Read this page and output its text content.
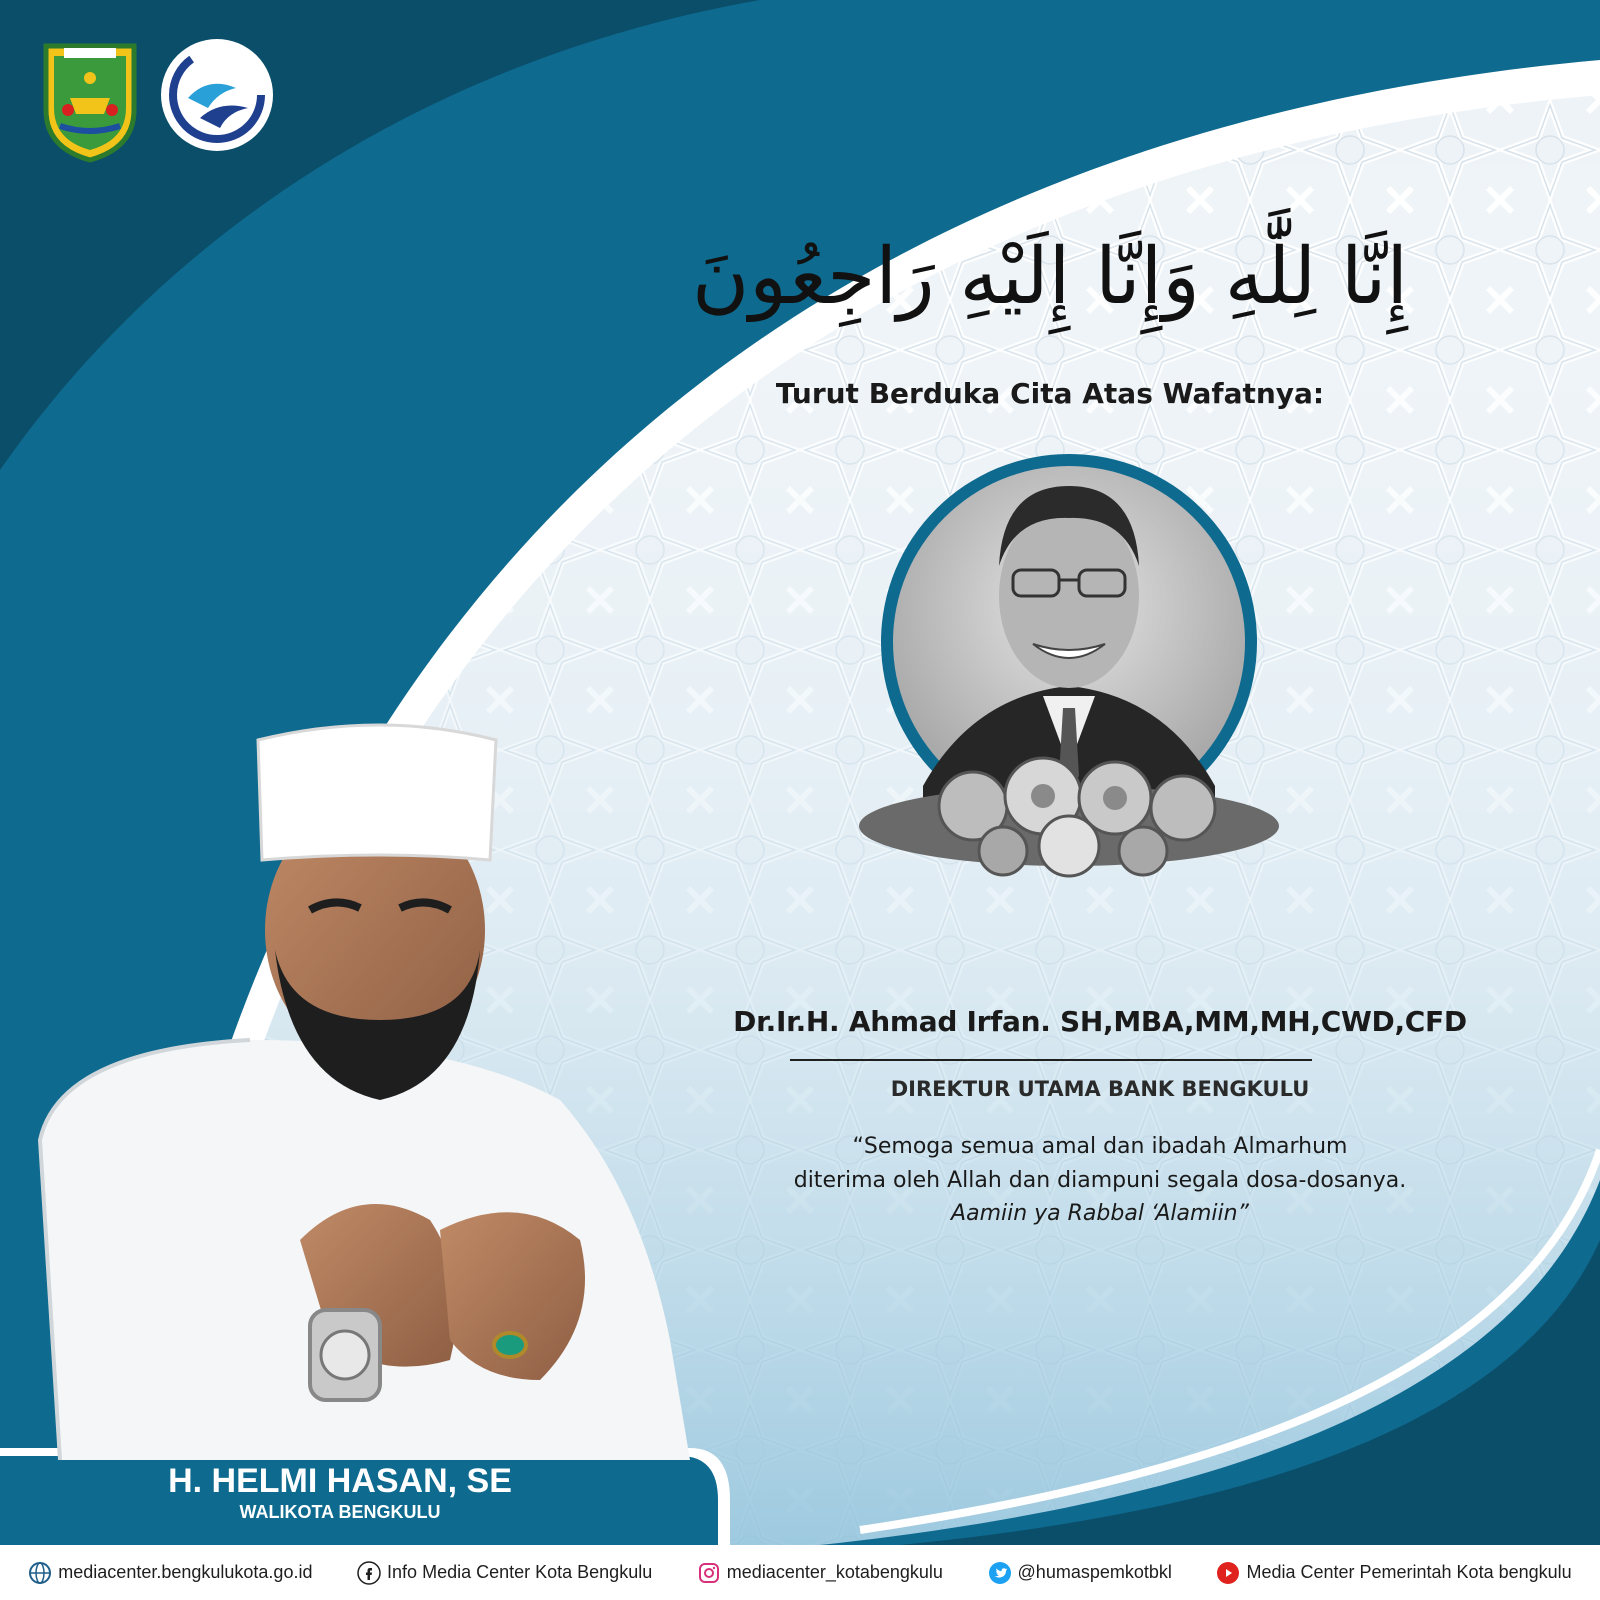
إِنَّا لِلَّٰهِ وَإِنَّا إِلَيْهِ رَاجِعُونَ
Turut Berduka Cita Atas Wafatnya:
Dr.Ir.H. Ahmad Irfan. SH,MBA,MM,MH,CWD,CFD
DIREKTUR UTAMA BANK BENGKULU
“Semoga semua amal dan ibadah Almarhum
diterima oleh Allah dan diampuni segala dosa-dosanya.
Aamiin ya Rabbal ‘Alamiin”
H. HELMI HASAN, SE
WALIKOTA BENGKULU
mediacenter.bengkulukota.go.id	Info Media Center Kota Bengkulu	mediacenter_kotabengkulu	@humaspemkotbkl	Media Center Pemerintah Kota bengkulu
